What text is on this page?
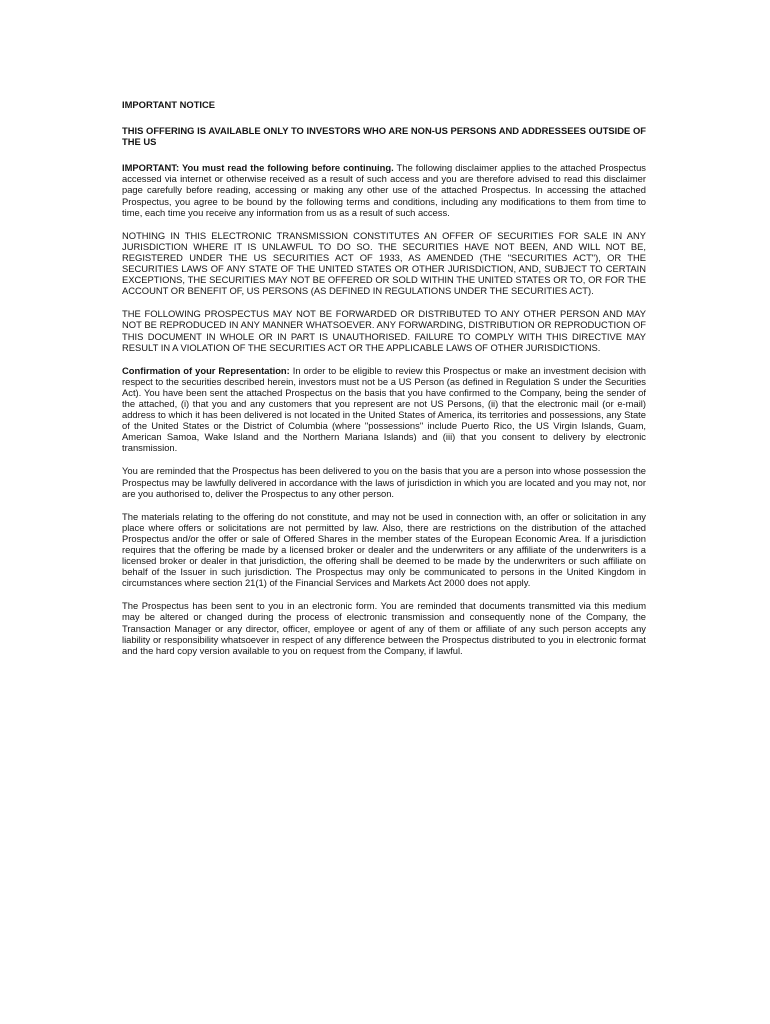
IMPORTANT NOTICE
THIS OFFERING IS AVAILABLE ONLY TO INVESTORS WHO ARE NON-US PERSONS AND ADDRESSEES OUTSIDE OF THE US

IMPORTANT: You must read the following before continuing. The following disclaimer applies to the attached Prospectus accessed via internet or otherwise received as a result of such access and you are therefore advised to read this disclaimer page carefully before reading, accessing or making any other use of the attached Prospectus. In accessing the attached Prospectus, you agree to be bound by the following terms and conditions, including any modifications to them from time to time, each time you receive any information from us as a result of such access.

NOTHING IN THIS ELECTRONIC TRANSMISSION CONSTITUTES AN OFFER OF SECURITIES FOR SALE IN ANY JURISDICTION WHERE IT IS UNLAWFUL TO DO SO. THE SECURITIES HAVE NOT BEEN, AND WILL NOT BE, REGISTERED UNDER THE US SECURITIES ACT OF 1933, AS AMENDED (THE "SECURITIES ACT"), OR THE SECURITIES LAWS OF ANY STATE OF THE UNITED STATES OR OTHER JURISDICTION, AND, SUBJECT TO CERTAIN EXCEPTIONS, THE SECURITIES MAY NOT BE OFFERED OR SOLD WITHIN THE UNITED STATES OR TO, OR FOR THE ACCOUNT OR BENEFIT OF, US PERSONS (AS DEFINED IN REGULATIONS UNDER THE SECURITIES ACT).

THE FOLLOWING PROSPECTUS MAY NOT BE FORWARDED OR DISTRIBUTED TO ANY OTHER PERSON AND MAY NOT BE REPRODUCED IN ANY MANNER WHATSOEVER. ANY FORWARDING, DISTRIBUTION OR REPRODUCTION OF THIS DOCUMENT IN WHOLE OR IN PART IS UNAUTHORISED. FAILURE TO COMPLY WITH THIS DIRECTIVE MAY RESULT IN A VIOLATION OF THE SECURITIES ACT OR THE APPLICABLE LAWS OF OTHER JURISDICTIONS.

Confirmation of your Representation: In order to be eligible to review this Prospectus or make an investment decision with respect to the securities described herein, investors must not be a US Person (as defined in Regulation S under the Securities Act). You have been sent the attached Prospectus on the basis that you have confirmed to the Company, being the sender of the attached, (i) that you and any customers that you represent are not US Persons, (ii) that the electronic mail (or e-mail) address to which it has been delivered is not located in the United States of America, its territories and possessions, any State of the United States or the District of Columbia (where "possessions" include Puerto Rico, the US Virgin Islands, Guam, American Samoa, Wake Island and the Northern Mariana Islands) and (iii) that you consent to delivery by electronic transmission.

You are reminded that the Prospectus has been delivered to you on the basis that you are a person into whose possession the Prospectus may be lawfully delivered in accordance with the laws of jurisdiction in which you are located and you may not, nor are you authorised to, deliver the Prospectus to any other person.

The materials relating to the offering do not constitute, and may not be used in connection with, an offer or solicitation in any place where offers or solicitations are not permitted by law. Also, there are restrictions on the distribution of the attached Prospectus and/or the offer or sale of Offered Shares in the member states of the European Economic Area. If a jurisdiction requires that the offering be made by a licensed broker or dealer and the underwriters or any affiliate of the underwriters is a licensed broker or dealer in that jurisdiction, the offering shall be deemed to be made by the underwriters or such affiliate on behalf of the Issuer in such jurisdiction. The Prospectus may only be communicated to persons in the United Kingdom in circumstances where section 21(1) of the Financial Services and Markets Act 2000 does not apply.

The Prospectus has been sent to you in an electronic form. You are reminded that documents transmitted via this medium may be altered or changed during the process of electronic transmission and consequently none of the Company, the Transaction Manager or any director, officer, employee or agent of any of them or affiliate of any such person accepts any liability or responsibility whatsoever in respect of any difference between the Prospectus distributed to you in electronic format and the hard copy version available to you on request from the Company, if lawful.
